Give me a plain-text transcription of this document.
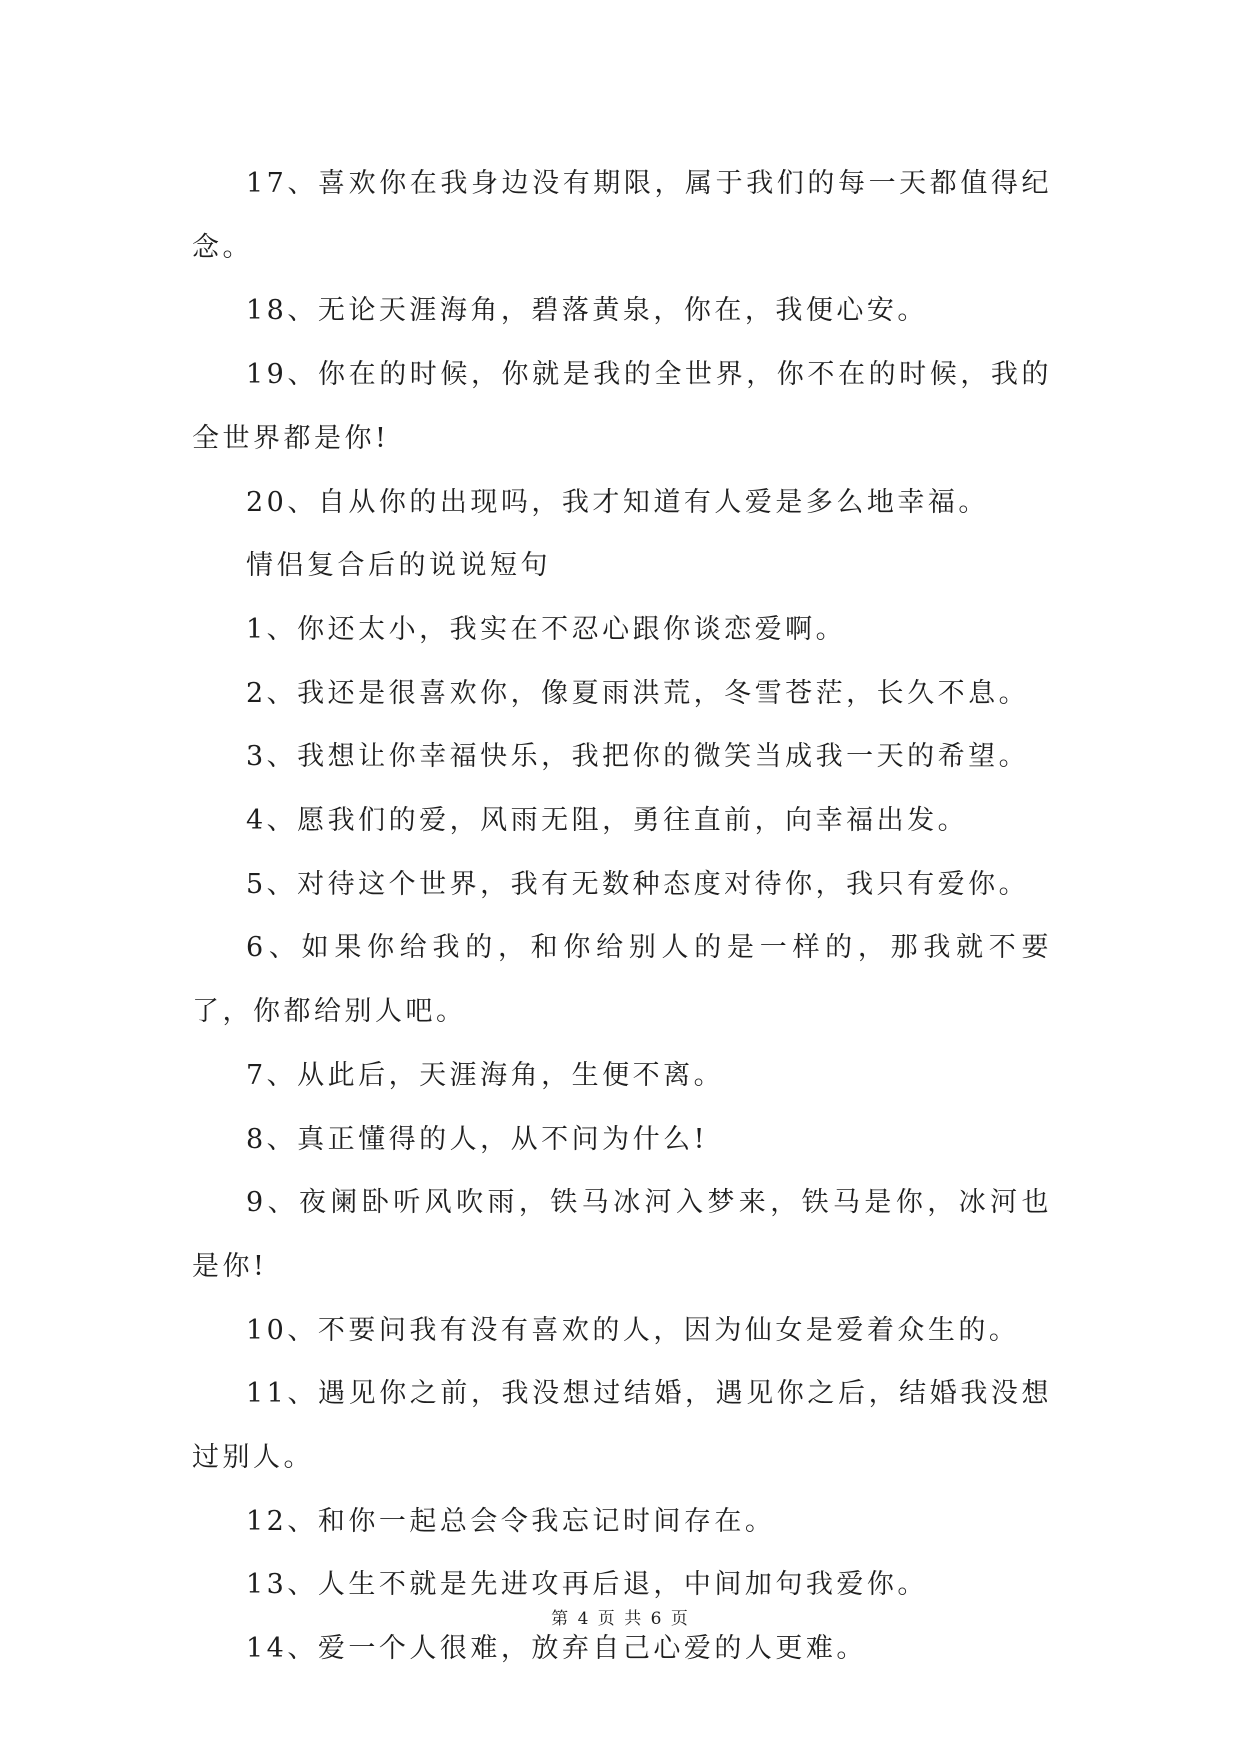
17、喜欢你在我身边没有期限，属于我们的每一天都值得纪念。

18、无论天涯海角，碧落黄泉，你在，我便心安。

19、你在的时候，你就是我的全世界，你不在的时候，我的全世界都是你!

20、自从你的出现吗，我才知道有人爱是多么地幸福。

情侣复合后的说说短句

1、你还太小，我实在不忍心跟你谈恋爱啊。

2、我还是很喜欢你，像夏雨洪荒，冬雪苍茫，长久不息。

3、我想让你幸福快乐，我把你的微笑当成我一天的希望。

4、愿我们的爱，风雨无阻，勇往直前，向幸福出发。

5、对待这个世界，我有无数种态度对待你，我只有爱你。

6、如果你给我的，和你给别人的是一样的，那我就不要了，你都给别人吧。

7、从此后，天涯海角，生便不离。

8、真正懂得的人，从不问为什么!

9、夜阑卧听风吹雨，铁马冰河入梦来，铁马是你，冰河也是你!

10、不要问我有没有喜欢的人，因为仙女是爱着众生的。

11、遇见你之前，我没想过结婚，遇见你之后，结婚我没想过别人。

12、和你一起总会令我忘记时间存在。

13、人生不就是先进攻再后退，中间加句我爱你。

14、爱一个人很难，放弃自己心爱的人更难。

第 4 页 共 6 页
